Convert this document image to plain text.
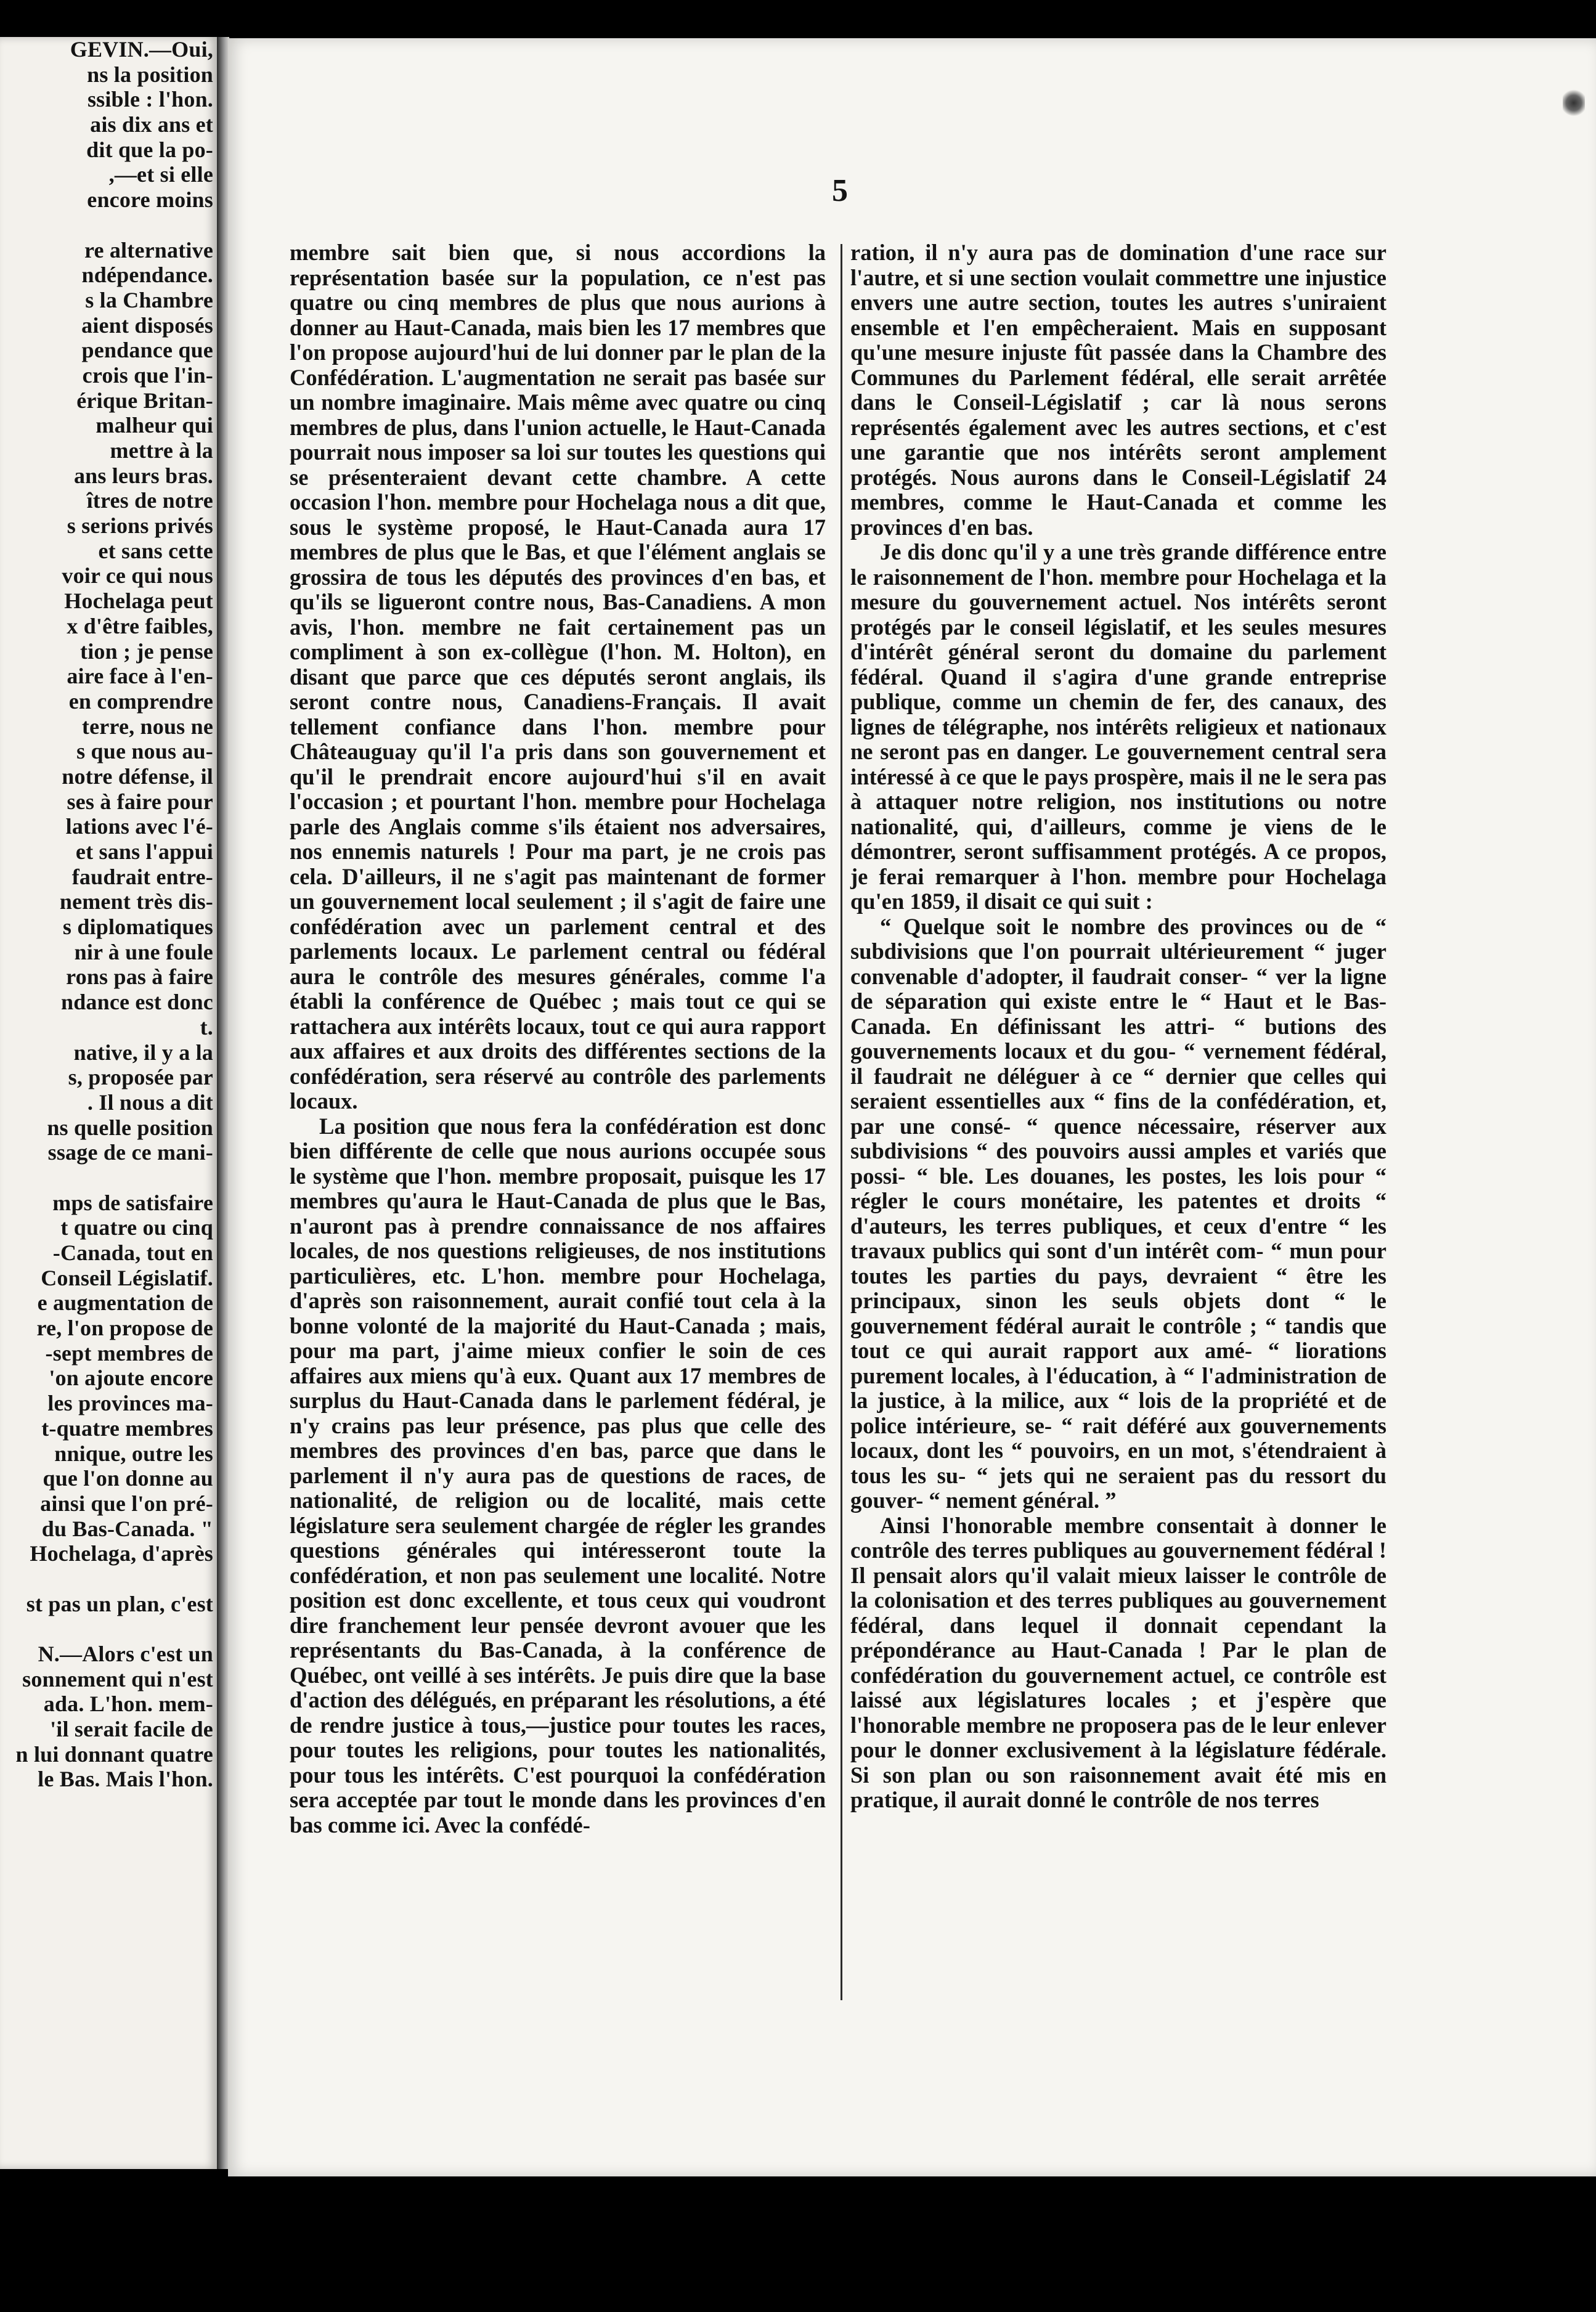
GEVIN.—Oui,
ns la position
ssible : l'hon.
ais dix ans et
dit que la po-
,—et si elle
encore moins
re alternative
ndépendance.
s la Chambre
aient disposés
pendance que
crois que l'in-
érique Britan-
malheur qui
mettre à la
ans leurs bras.
îtres de notre
s serions privés
et sans cette
voir ce qui nous
Hochelaga peut
x d'être faibles,
tion ; je pense
aire face à l'en-
en comprendre
terre, nous ne
s que nous au-
notre défense, il
ses à faire pour
lations avec l'é-
et sans l'appui
faudrait entre-
nement très dis-
s diplomatiques
nir à une foule
rons pas à faire
ndance est donc
t.
native, il y a la
s, proposée par
. Il nous a dit
ns quelle position
ssage de ce mani-
mps de satisfaire
t quatre ou cinq
-Canada, tout en
Conseil Législatif.
e augmentation de
re, l'on propose de
-sept membres de
'on ajoute encore
les provinces ma-
t-quatre membres
nnique, outre les
que l'on donne au
ainsi que l'on pré-
du Bas-Canada. "
Hochelaga, d'après
st pas un plan, c'est
N.—Alors c'est un
sonnement qui n'est
ada. L'hon. mem-
'il serait facile de
n lui donnant quatre
le Bas. Mais l'hon.
5

membre sait bien que, si nous accordions la représentation basée sur la population, ce n'est pas quatre ou cinq membres de plus que nous aurions à donner au Haut-Canada, mais bien les 17 membres que l'on propose aujourd'hui de lui donner par le plan de la Confédération. L'augmentation ne serait pas basée sur un nombre imaginaire. Mais même avec quatre ou cinq membres de plus, dans l'union actuelle, le Haut-Canada pourrait nous imposer sa loi sur toutes les questions qui se présenteraient devant cette chambre. A cette occasion l'hon. membre pour Hochelaga nous a dit que, sous le système proposé, le Haut-Canada aura 17 membres de plus que le Bas, et que l'élément anglais se grossira de tous les députés des provinces d'en bas, et qu'ils se ligueront contre nous, Bas-Canadiens. A mon avis, l'hon. membre ne fait certainement pas un compliment à son ex-collègue (l'hon. M. Holton), en disant que parce que ces députés seront anglais, ils seront contre nous, Canadiens-Français. Il avait tellement confiance dans l'hon. membre pour Châteauguay qu'il l'a pris dans son gouvernement et qu'il le prendrait encore aujourd'hui s'il en avait l'occasion ; et pourtant l'hon. membre pour Hochelaga parle des Anglais comme s'ils étaient nos adversaires, nos ennemis naturels ! Pour ma part, je ne crois pas cela. D'ailleurs, il ne s'agit pas maintenant de former un gouvernement local seulement ; il s'agit de faire une confédération avec un parlement central et des parlements locaux. Le parlement central ou fédéral aura le contrôle des mesures générales, comme l'a établi la conférence de Québec ; mais tout ce qui se rattachera aux intérêts locaux, tout ce qui aura rapport aux affaires et aux droits des différentes sections de la confédération, sera réservé au contrôle des parlements locaux.

La position que nous fera la confédération est donc bien différente de celle que nous aurions occupée sous le système que l'hon. membre proposait, puisque les 17 membres qu'aura le Haut-Canada de plus que le Bas, n'auront pas à prendre connaissance de nos affaires locales, de nos questions religieuses, de nos institutions particulières, etc. L'hon. membre pour Hochelaga, d'après son raisonnement, aurait confié tout cela à la bonne volonté de la majorité du Haut-Canada ; mais, pour ma part, j'aime mieux confier le soin de ces affaires aux miens qu'à eux. Quant aux 17 membres de surplus du Haut-Canada dans le parlement fédéral, je n'y crains pas leur présence, pas plus que celle des membres des provinces d'en bas, parce que dans le parlement il n'y aura pas de questions de races, de nationalité, de religion ou de localité, mais cette législature sera seulement chargée de régler les grandes questions générales qui intéresseront toute la confédération, et non pas seulement une localité. Notre position est donc excellente, et tous ceux qui voudront dire franchement leur pensée devront avouer que les représentants du Bas-Canada, à la conférence de Québec, ont veillé à ses intérêts. Je puis dire que la base d'action des délégués, en préparant les résolutions, a été de rendre justice à tous,—justice pour toutes les races, pour toutes les religions, pour toutes les nationalités, pour tous les intérêts. C'est pourquoi la confédération sera acceptée par tout le monde dans les provinces d'en bas comme ici. Avec la confédé-

ration, il n'y aura pas de domination d'une race sur l'autre, et si une section voulait commettre une injustice envers une autre section, toutes les autres s'uniraient ensemble et l'en empêcheraient. Mais en supposant qu'une mesure injuste fût passée dans la Chambre des Communes du Parlement fédéral, elle serait arrêtée dans le Conseil-Législatif ; car là nous serons représentés également avec les autres sections, et c'est une garantie que nos intérêts seront amplement protégés. Nous aurons dans le Conseil-Législatif 24 membres, comme le Haut-Canada et comme les provinces d'en bas.

Je dis donc qu'il y a une très grande différence entre le raisonnement de l'hon. membre pour Hochelaga et la mesure du gouvernement actuel. Nos intérêts seront protégés par le conseil législatif, et les seules mesures d'intérêt général seront du domaine du parlement fédéral. Quand il s'agira d'une grande entreprise publique, comme un chemin de fer, des canaux, des lignes de télégraphe, nos intérêts religieux et nationaux ne seront pas en danger. Le gouvernement central sera intéressé à ce que le pays prospère, mais il ne le sera pas à attaquer notre religion, nos institutions ou notre nationalité, qui, d'ailleurs, comme je viens de le démontrer, seront suffisamment protégés. A ce propos, je ferai remarquer à l'hon. membre pour Hochelaga qu'en 1859, il disait ce qui suit :

“ Quelque soit le nombre des provinces ou de “ subdivisions que l'on pourrait ultérieurement “ juger convenable d'adopter, il faudrait conser- “ ver la ligne de séparation qui existe entre le “ Haut et le Bas-Canada. En définissant les attri- “ butions des gouvernements locaux et du gou- “ vernement fédéral, il faudrait ne déléguer à ce “ dernier que celles qui seraient essentielles aux “ fins de la confédération, et, par une consé- “ quence nécessaire, réserver aux subdivisions “ des pouvoirs aussi amples et variés que possi- “ ble. Les douanes, les postes, les lois pour “ régler le cours monétaire, les patentes et droits “ d'auteurs, les terres publiques, et ceux d'entre “ les travaux publics qui sont d'un intérêt com- “ mun pour toutes les parties du pays, devraient “ être les principaux, sinon les seuls objets dont “ le gouvernement fédéral aurait le contrôle ; “ tandis que tout ce qui aurait rapport aux amé- “ liorations purement locales, à l'éducation, à “ l'administration de la justice, à la milice, aux “ lois de la propriété et de police intérieure, se- “ rait déféré aux gouvernements locaux, dont les “ pouvoirs, en un mot, s'étendraient à tous les su- “ jets qui ne seraient pas du ressort du gouver- “ nement général. ”

Ainsi l'honorable membre consentait à donner le contrôle des terres publiques au gouvernement fédéral ! Il pensait alors qu'il valait mieux laisser le contrôle de la colonisation et des terres publiques au gouvernement fédéral, dans lequel il donnait cependant la prépondérance au Haut-Canada ! Par le plan de confédération du gouvernement actuel, ce contrôle est laissé aux législatures locales ; et j'espère que l'honorable membre ne proposera pas de le leur enlever pour le donner exclusivement à la législature fédérale. Si son plan ou son raisonnement avait été mis en pratique, il aurait donné le contrôle de nos terres
